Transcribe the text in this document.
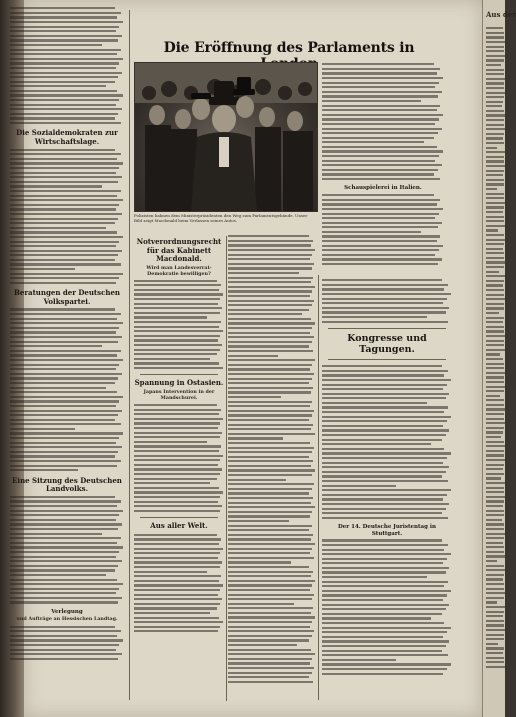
Aus der
Die Sozialdemokraten zur Wirtschaftslage.
Beratungen der Deutschen Volkspartei.
Eine Sitzung des Deutschen Landvolks.
Verlegung
und Aufträge an Hessischen Landtag.
Die Eröffnung des Parlaments in
Polizisten bahnen dem Ministerpräsidenten den Weg zum Parlamentsgebäude. Unser Bild zeigt Macdonald beim Verlassen seines Autos.
Schauspielerei in Italien.
Notverordnungsrecht für das Kabinett Macdonald.
Wird man Landesverrat-Demokratie bewilligen?
Spannung in Ostasien.
Japans Intervention in der Mandschurei.
Aus aller Welt.
Kongresse und Tagungen.
Der 14. Deutsche Juristentag in Stuttgart.
